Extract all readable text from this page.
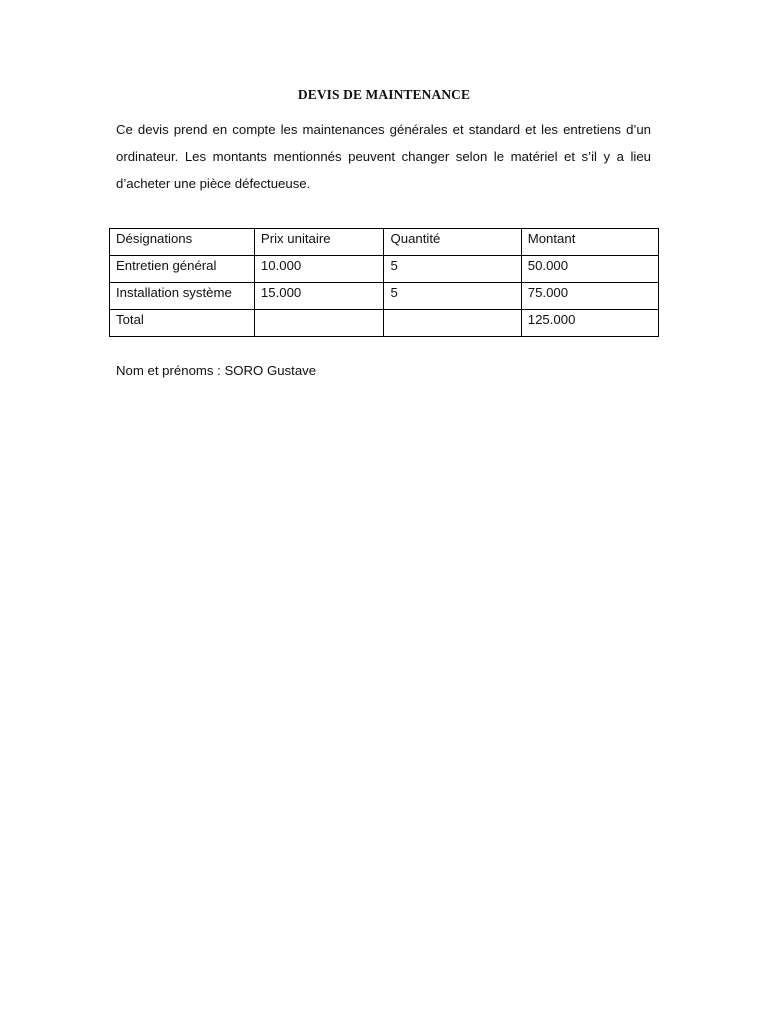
DEVIS DE MAINTENANCE

Ce devis prend en compte les maintenances générales et standard et les entretiens d’un ordinateur. Les montants mentionnés peuvent changer selon le matériel et s’il y a lieu d’acheter une pièce défectueuse.

Désignations	Prix unitaire	Quantité	Montant
Entretien général	10.000	5	50.000
Installation système	15.000	5	75.000
Total			125.000

Nom et prénoms : SORO Gustave
